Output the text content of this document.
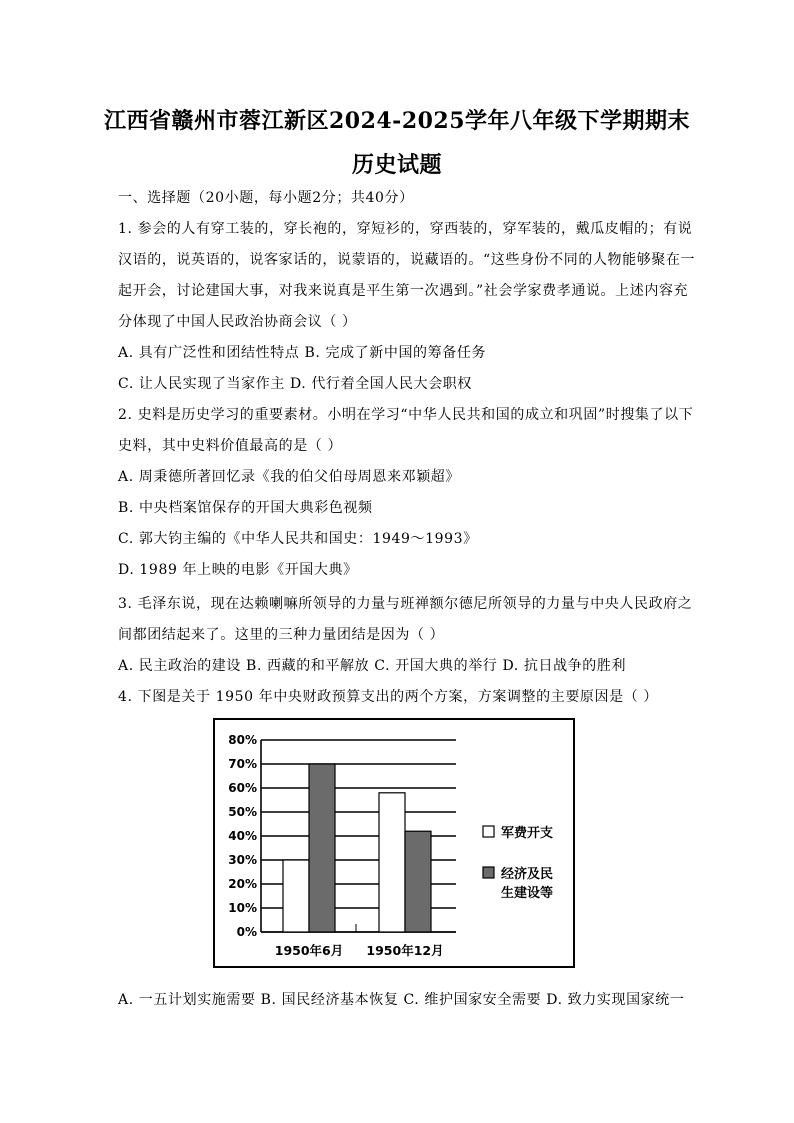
江西省赣州市蓉江新区2024-2025学年八年级下学期期末
历史试题
一、选择题（20小题，每小题2分；共40分）
1. 参会的人有穿工装的，穿长袍的，穿短衫的，穿西装的，穿军装的，戴瓜皮帽的；有说
汉语的，说英语的，说客家话的，说蒙语的，说藏语的。“这些身份不同的人物能够聚在一
起开会，讨论建国大事，对我来说真是平生第一次遇到。”社会学家费孝通说。上述内容充
分体现了中国人民政治协商会议（ ）
A. 具有广泛性和团结性特点 B. 完成了新中国的筹备任务
C. 让人民实现了当家作主 D. 代行着全国人民大会职权
2. 史料是历史学习的重要素材。小明在学习“中华人民共和国的成立和巩固”时搜集了以下
史料，其中史料价值最高的是（ ）
A. 周秉德所著回忆录《我的伯父伯母周恩来邓颖超》
B. 中央档案馆保存的开国大典彩色视频
C. 郭大钧主编的《中华人民共和国史：1949～1993》
D. 1989 年上映的电影《开国大典》
3. 毛泽东说，现在达赖喇嘛所领导的力量与班禅额尔德尼所领导的力量与中央人民政府之
间都团结起来了。这里的三种力量团结是因为（ ）
A. 民主政治的建设 B. 西藏的和平解放 C. 开国大典的举行 D. 抗日战争的胜利
4. 下图是关于 1950 年中央财政预算支出的两个方案，方案调整的主要原因是（ ）
0%
10%
20%
30%
40%
50%
60%
70%
80%
1950年6月 1950年12月
军费开支
经济及民
生建设等
A. 一五计划实施需要 B. 国民经济基本恢复 C. 维护国家安全需要 D. 致力实现国家统一
